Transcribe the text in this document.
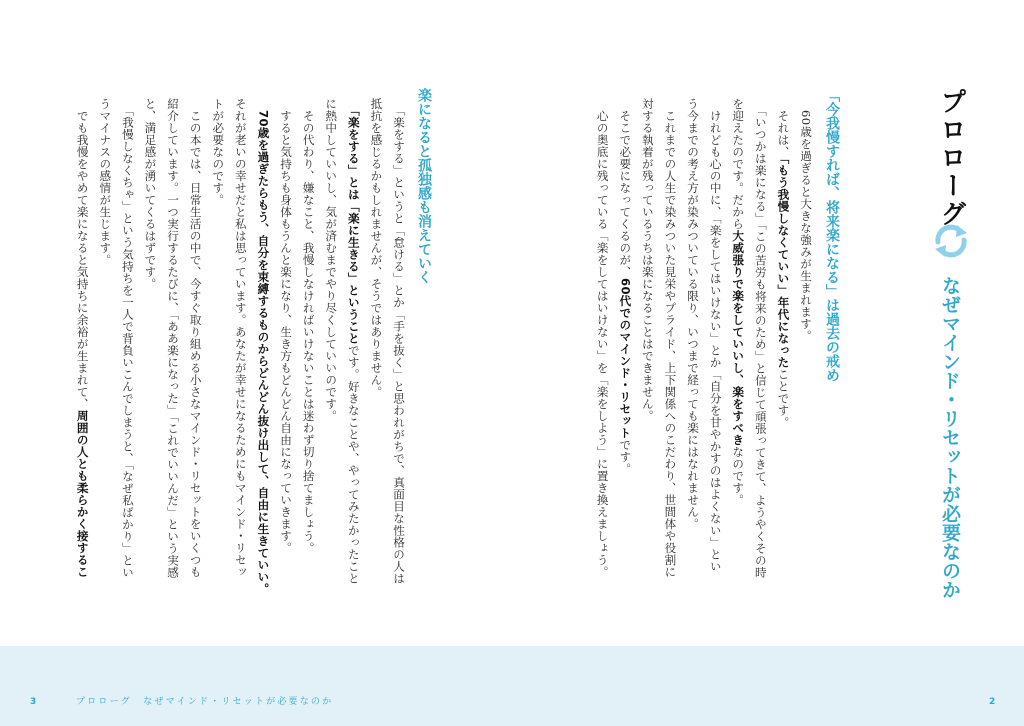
プロローグ
なぜマインド・リセットが必要なのか
「今我慢すれば、将来楽になる」は過去の戒め
　60歳を過ぎると大きな強みが生まれます。
　それは、「もう我慢しなくていい」年代になったことです。
　「いつかは楽になる」「この苦労も将来のため」と信じて頑張ってきて、ようやくその時
を迎えたのです。だから大威張りで楽をしていいし、楽をすべきなのです。
　けれども心の中に、「楽をしてはいけない」とか「自分を甘やかすのはよくない」とい
う今までの考え方が染みついている限り、いつまで経っても楽にはなれません。
　これまでの人生で染みついた見栄やプライド、上下関係へのこだわり、世間体や役割に
対する執着が残っているうちは楽になることはできません。
　そこで必要になってくるのが、60代でのマインド・リセットです。
　心の奥底に残っている「楽をしてはいけない」を「楽をしよう」に置き換えましょう。
楽になると孤独感も消えていく
　「楽をする」というと「怠ける」とか「手を抜く」と思われがちで、真面目な性格の人は
抵抗を感じるかもしれませんが、そうではありません。
　「楽をする」とは「楽に生きる」ということです。好きなことや、やってみたかったこと
に熱中していいし、気が済むまでやり尽くしていいのです。
　その代わり、嫌なこと、我慢しなければいけないことは迷わず切り捨てましょう。
　すると気持ちも身体もうんと楽になり、生き方もどんどん自由になっていきます。
　70歳を過ぎたらもう、自分を束縛するものからどんどん抜け出して、自由に生きていい。
それが老いの幸せだと私は思っています。あなたが幸せになるためにもマインド・リセッ
トが必要なのです。
　この本では、日常生活の中で、今すぐ取り組める小さなマインド・リセットをいくつも
紹介しています。一つ実行するたびに、「ああ楽になった」「これでいいんだ」という実感
と、満足感が湧いてくるはずです。
　「我慢しなくちゃ」という気持ちを一人で背負いこんでしまうと、「なぜ私ばかり」とい
うマイナスの感情が生じます。
　でも我慢をやめて楽になると気持ちに余裕が生まれて、周囲の人とも柔らかく接するこ
3	プロローグ　なぜマインド・リセットが必要なのか	2
